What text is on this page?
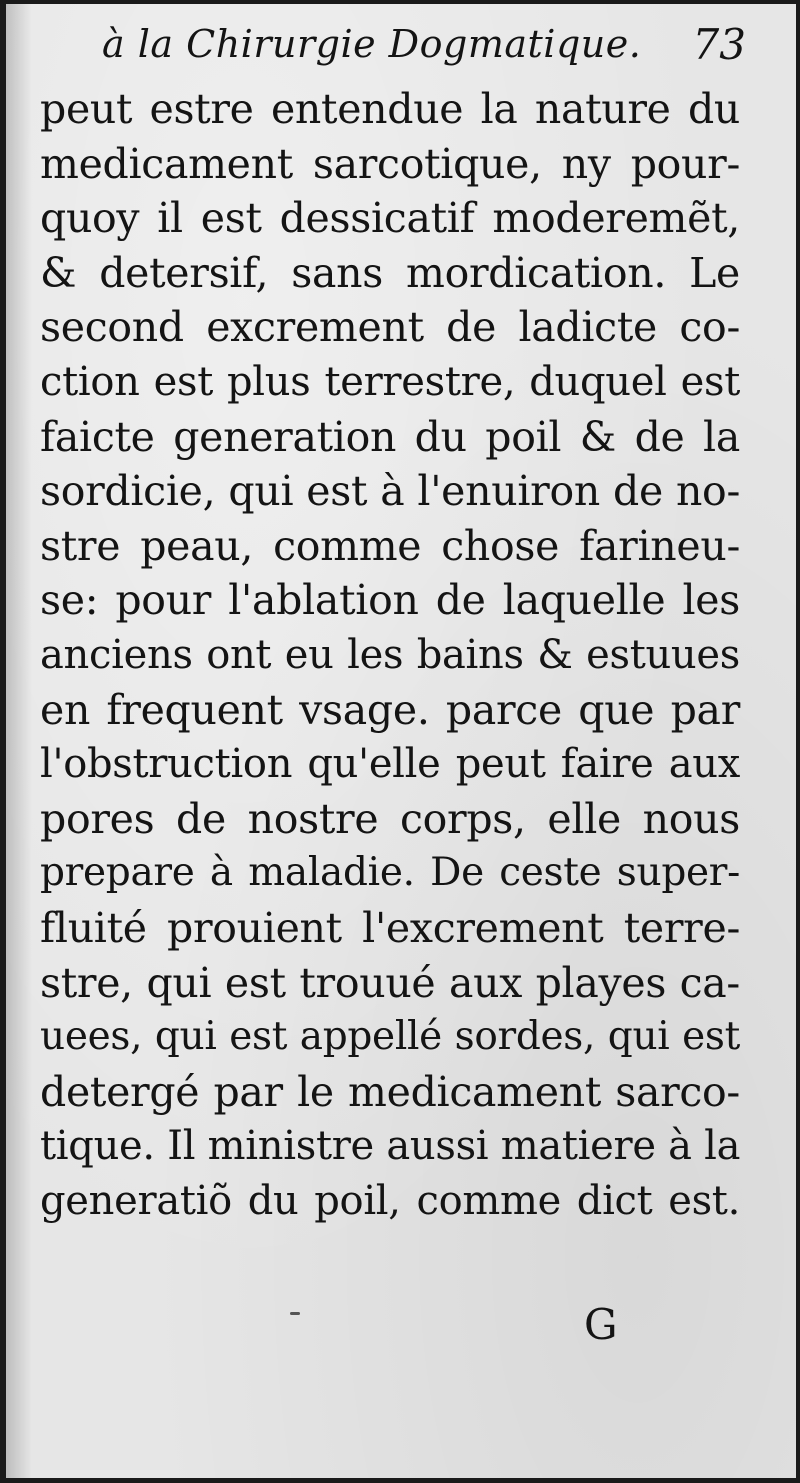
à la Chirurgie Dogmatique. 73
peut estre entendue la nature du
medicament sarcotique, ny pour-
quoy il est dessicatif moderemẽt,
& detersif, sans mordication. Le
second excrement de ladicte co-
ction est plus terrestre, duquel est
faicte generation du poil & de la
sordicie, qui est à l'enuiron de no-
stre peau, comme chose farineu-
se: pour l'ablation de laquelle les
anciens ont eu les bains & estuues
en frequent vsage. parce que par
l'obstruction qu'elle peut faire aux
pores de nostre corps, elle nous
prepare à maladie. De ceste super-
fluité prouient l'excrement terre-
stre, qui est trouué aux playes ca-
uees, qui est appellé sordes, qui est
detergé par le medicament sarco-
tique. Il ministre aussi matiere à la
generatiõ du poil, comme dict est.
G
